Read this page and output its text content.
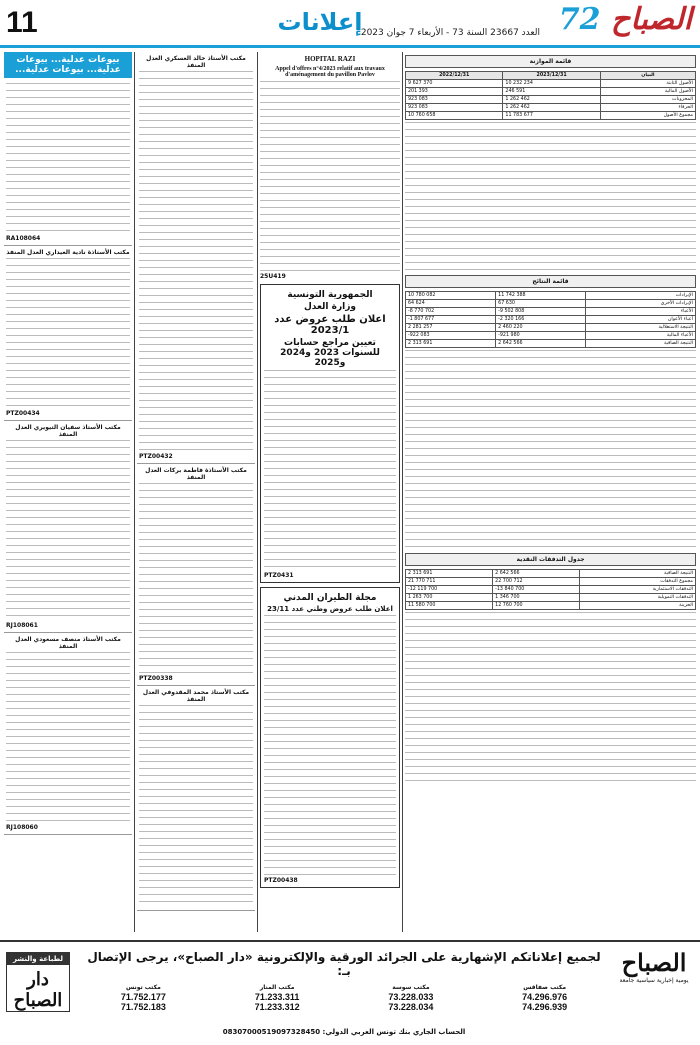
11	إعلانات
العدد 23667 السنة 73 - الأربعاء 7 جوان 2023 72 الصباح
بيوعات عدلية... بيوعات عدلية... بيوعات عدلية...
RA108064
مكتب الأستاذة نادية الغيداري العدل المنفذ
PTZ00434
مكتب الأستاذ سفيان التيويري العدل المنفذ
RJ108061
مكتب الأستاذ منصف مسعودي العدل المنفذ
RJ108060
مكتب الأستاذ خالد العسكري العدل المنفذ
PTZ00432
مكتب الأستاذة فاطمة بركات العدل المنفذ
PTZ00338
مكتب الأستاذ محمد المقدوفي العدل المنفذ
HOPITAL RAZI
Appel d'offres n°4/2023 relatif aux travaux d'aménagement du pavillon Pavlov
25U419
الجمهورية التونسية
وزارة العدل
اعلان طلب عروض عدد 2023/1
تعيين مراجع حسابات للسنوات 2023 و2024 و2025
PTZ0431
مجلة الطيران المدني
اعلان طلب عروض وطني عدد 23/11
PTZ00438
قائمة الموازنة
البيان	2023/12/31	2022/12/31
الأصول الثابتة	10 232 234	9 627 370
الأصول المالية	246 591	201 393
المخزونات	1 262 462	923 083
الحرفاء	1 262 462	923 083
مجموع الأصول	11 783 677	10 760 658
قائمة النتائج
الإيرادات	11 742 388	10 780 082
الإيرادات الأخرى	67 630	64 624
الأعباء	-9 502 808	-8 770 702
أعباء الأعوان	-2 320 166	-1 807 677
النتيجة الاستغلالية	2 460 220	2 281 257
الأعباء المالية	-921 980	-922 083
النتيجة الصافية	2 642 566	2 313 691
جدول التدفقات النقدية
النتيجة الصافية	2 642 566	2 313 691
مجموع التدفقات	22 700 712	21 770 711
التدفقات الاستثمارية	-13 840 700	-12 119 700
التدفقات التمويلية	1 346 700	1 263 700
الخزينة	12 760 700	11 580 700
لطباعة والنشر
دار الصباح
لجميع إعلاناتكم الإشهارية على الجرائد الورقية والإلكترونية «دار الصباح»، يرجى الإتصال بـ:
مكتب صفاقس
74.296.976
74.296.939
مكتب سوسة
73.228.033
73.228.034
مكتب المنار
71.233.311
71.233.312
مكتب تونس
71.752.177
71.752.183
الحساب الجاري بنك تونس العربي الدولي: 08307000519097328450
الصباح
يومية إخبارية سياسية جامعة
